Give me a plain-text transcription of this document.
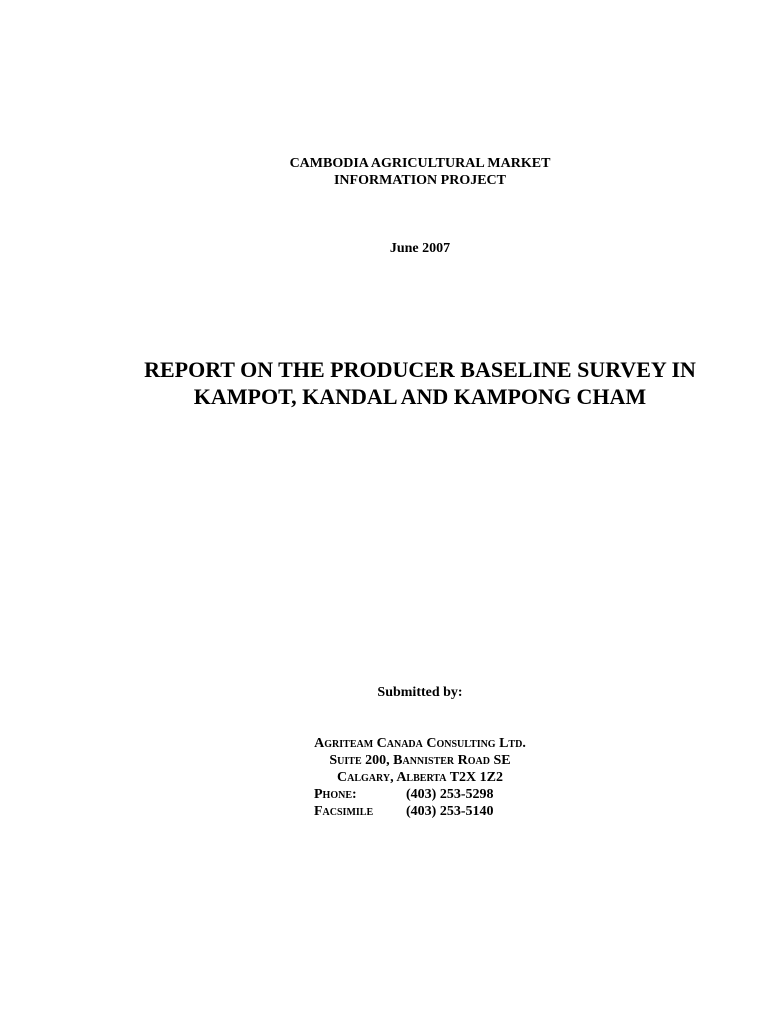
CAMBODIA AGRICULTURAL MARKET
INFORMATION PROJECT
June 2007
REPORT ON THE PRODUCER BASELINE SURVEY IN
KAMPOT, KANDAL AND KAMPONG CHAM
Submitted by:
Agriteam Canada Consulting Ltd.
Suite 200, Bannister Road SE
Calgary, Alberta T2X 1Z2
Phone:	(403) 253-5298
Facsimile (403) 253-5140
